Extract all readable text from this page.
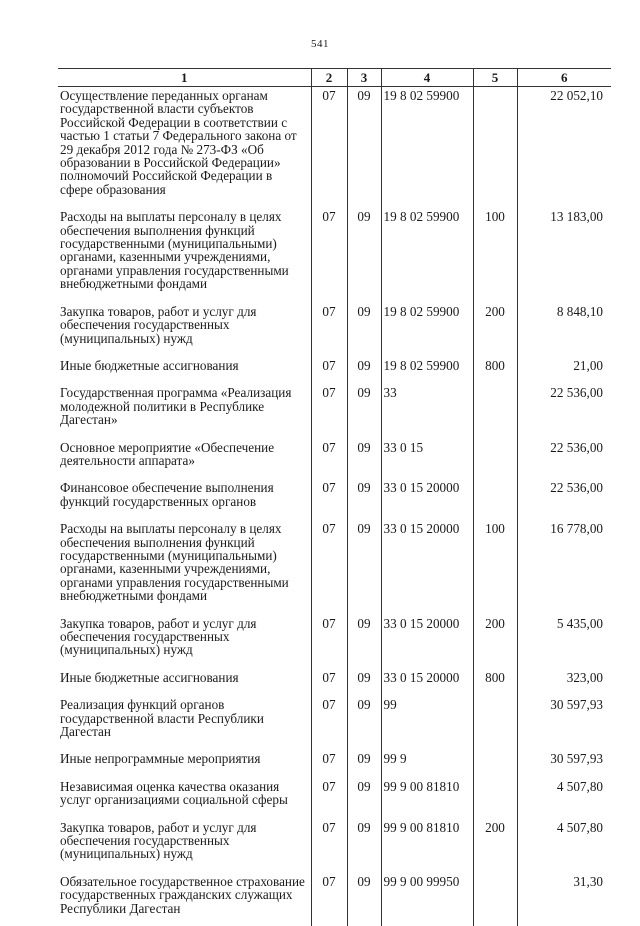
541
1	2	3	4	5	6
Осуществление переданных органам государственной власти субъектов Российской Федерации в соответствии с частью 1 статьи 7 Федерального закона от 29 декабря 2012 года № 273-ФЗ «Об образовании в Российской Федерации» полномочий Российской Федерации в сфере образования	07	09	19 8 02 59900		22 052,10
Расходы на выплаты персоналу в целях обеспечения выполнения функций государственными (муниципальными) органами, казенными учреждениями, органами управления государственными внебюджетными фондами	07	09	19 8 02 59900	100	13 183,00
Закупка товаров, работ и услуг для обеспечения государственных (муниципальных) нужд	07	09	19 8 02 59900	200	8 848,10
Иные бюджетные ассигнования	07	09	19 8 02 59900	800	21,00
Государственная программа «Реализация молодежной политики в Республике Дагестан»	07	09	33		22 536,00
Основное мероприятие «Обеспечение деятельности аппарата»	07	09	33 0 15		22 536,00
Финансовое обеспечение выполнения функций государственных органов	07	09	33 0 15 20000		22 536,00
Расходы на выплаты персоналу в целях обеспечения выполнения функций государственными (муниципальными) органами, казенными учреждениями, органами управления государственными внебюджетными фондами	07	09	33 0 15 20000	100	16 778,00
Закупка товаров, работ и услуг для обеспечения государственных (муниципальных) нужд	07	09	33 0 15 20000	200	5 435,00
Иные бюджетные ассигнования	07	09	33 0 15 20000	800	323,00
Реализация функций органов государственной власти Республики Дагестан	07	09	99		30 597,93
Иные непрограммные мероприятия	07	09	99 9		30 597,93
Независимая оценка качества оказания услуг организациями социальной сферы	07	09	99 9 00 81810		4 507,80
Закупка товаров, работ и услуг для обеспечения государственных (муниципальных) нужд	07	09	99 9 00 81810	200	4 507,80
Обязательное государственное страхование государственных гражданских служащих Республики Дагестан	07	09	99 9 00 99950		31,30
